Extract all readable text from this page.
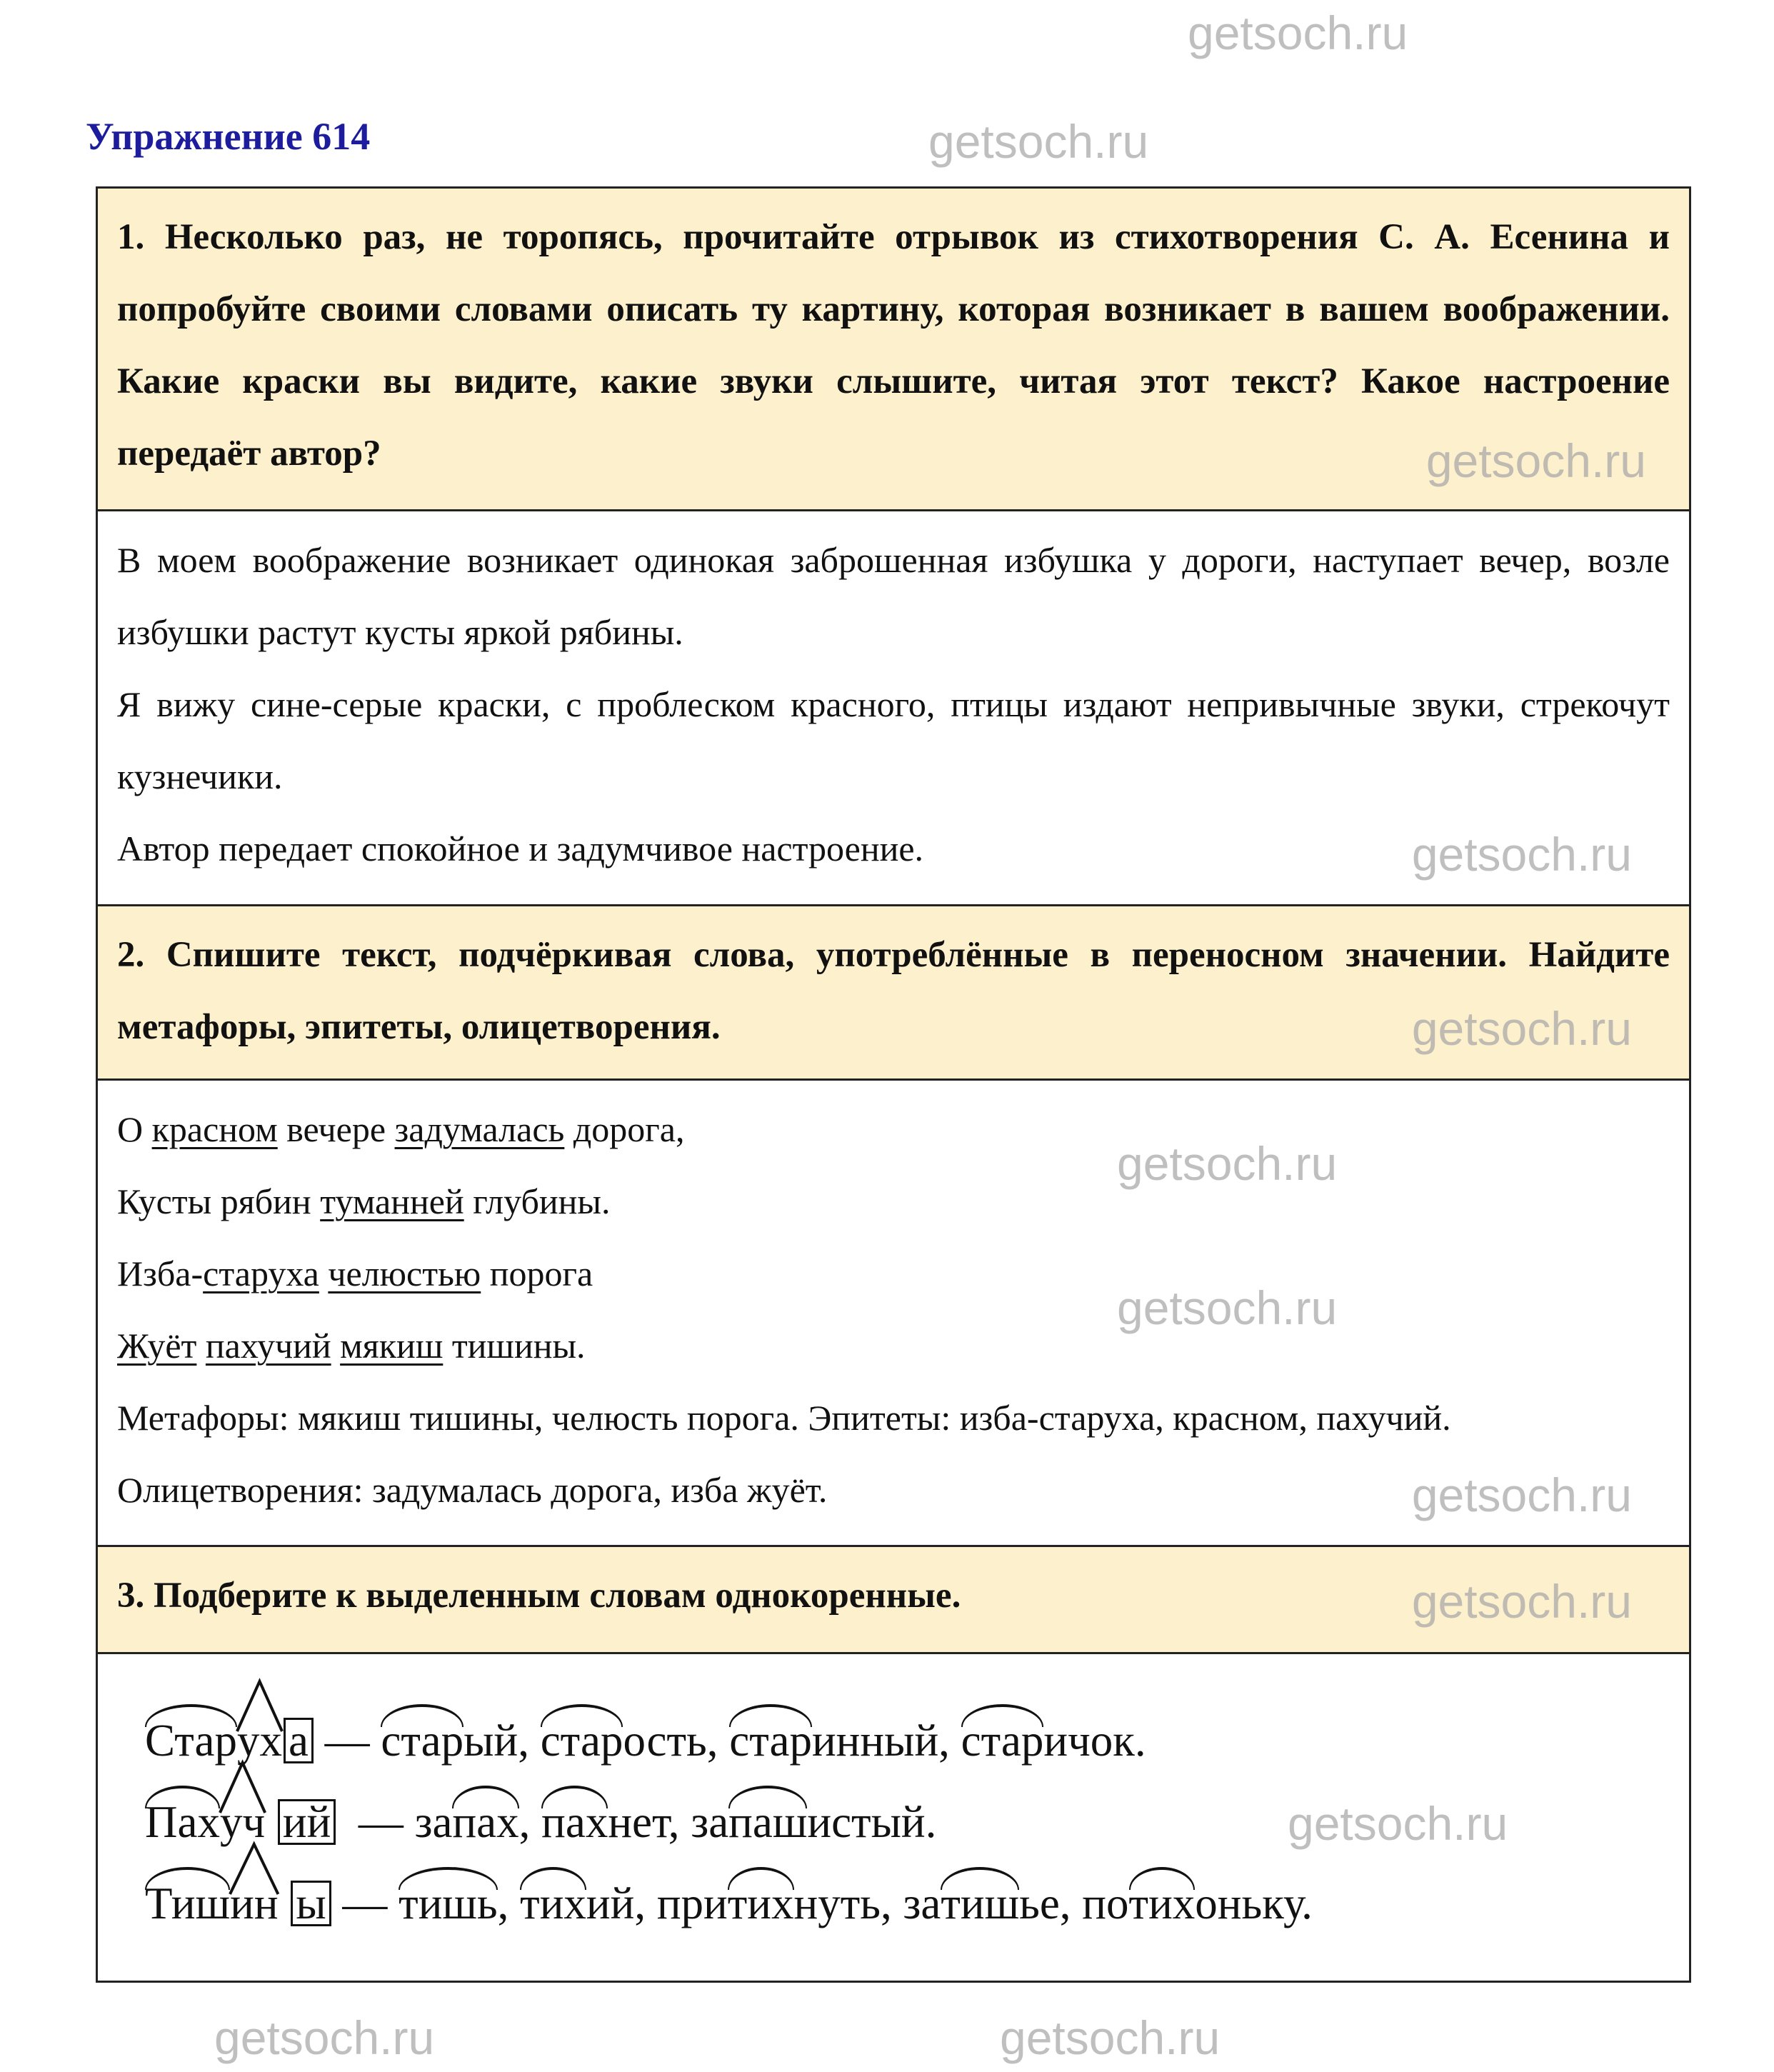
Упражнение 614
getsoch.ru
getsoch.ru

1. Несколько раз, не торопясь, прочитайте отрывок из стихотворения С. А. Есенина и попробуйте своими словами описать ту картину, которая возникает в вашем воображении. Какие краски вы видите, какие звуки слышите, читая этот текст? Какое настроение передаёт автор?	getsoch.ru

В моем воображение возникает одинокая заброшенная избушка у дороги, наступает вечер, возле избушки растут кусты яркой рябины.

Я вижу сине-серые краски, с проблеском красного, птицы издают непривычные звуки, стрекочут кузнечики.

Автор передает спокойное и задумчивое настроение.	getsoch.ru

2. Спишите текст, подчёркивая слова, употреблённые в переносном значении. Найдите метафоры, эпитеты, олицетворения.	getsoch.ru
getsoch.ru
getsoch.ru

О красном вечере задумалась дорога,

Кусты рябин туманней глубины.

Изба-старуха челюстью порога

Жуёт пахучий мякиш тишины.

Метафоры: мякиш тишины, челюсть порога. Эпитеты: изба-старуха, красном, пахучий.

Олицетворения: задумалась дорога, изба жуёт.	getsoch.ru

3. Подберите к выделенным словам однокоренные.	getsoch.ru
getsoch.ru
Старух а — старый, старость, старинный, старичок.
Пахуч ий  — запах, пахнет, запашистый.
Тишин ы — тишь, тихий, притихнуть, затишье, потихоньку.
getsoch.ru	getsoch.ru
